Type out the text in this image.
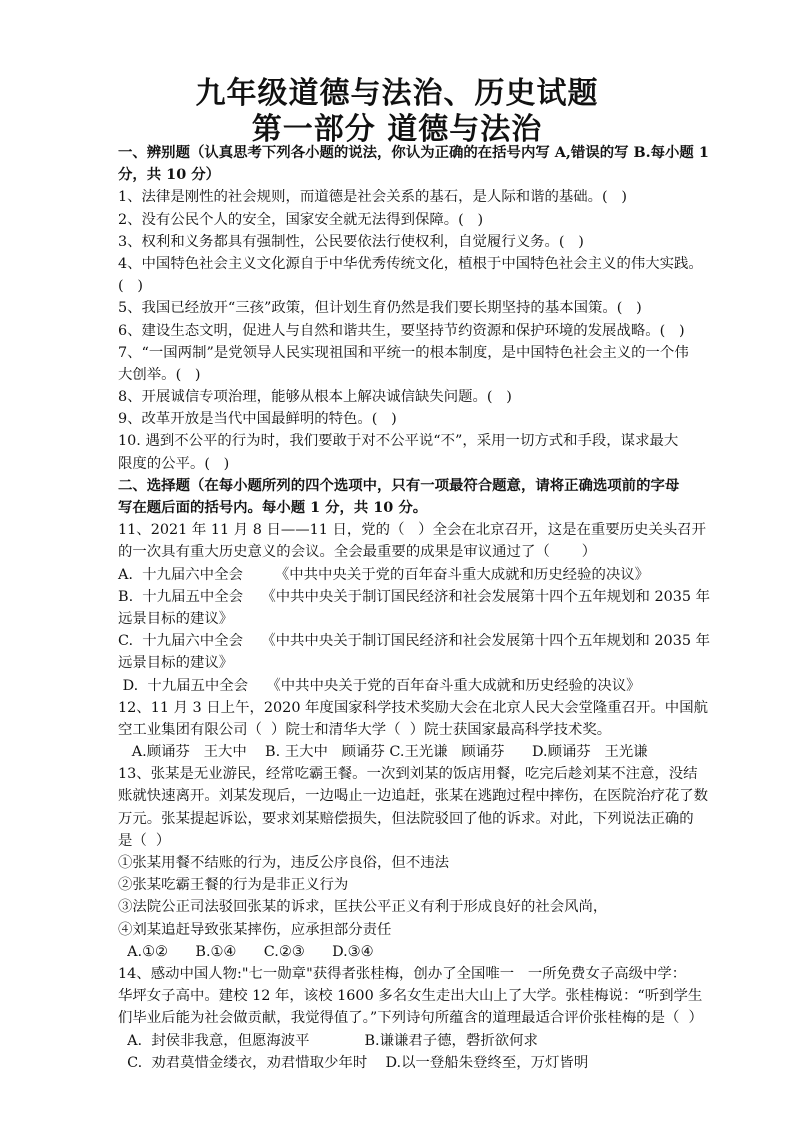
九年级道德与法治、历史试题
第一部分 道德与法治
一、辨别题（认真思考下列各小题的说法，你认为正确的在括号内写 A,错误的写 B.每小题 1
分，共 10 分）
1、法律是刚性的社会规则，而道德是社会关系的基石，是人际和谐的基础。(   )
2、没有公民个人的安全，国家安全就无法得到保障。(   )
3、权利和义务都具有强制性，公民要依法行使权利，自觉履行义务。(   )
4、中国特色社会主义文化源自于中华优秀传统文化，植根于中国特色社会主义的伟大实践。
(   )
5、我国已经放开“三孩”政策，但计划生育仍然是我们要长期坚持的基本国策。(   )
6、建设生态文明，促进人与自然和谐共生，要坚持节约资源和保护环境的发展战略。(   )
7、“一国两制”是党领导人民实现祖国和平统一的根本制度，是中国特色社会主义的一个伟
大创举。(   )
8、开展诚信专项治理，能够从根本上解决诚信缺失问题。(   )
9、改革开放是当代中国最鲜明的特色。(   )
10. 遇到不公平的行为时，我们要敢于对不公平说“不”，采用一切方式和手段，谋求最大
限度的公平。(   )
二、选择题（在每小题所列的四个选项中，只有一项最符合题意，请将正确选项前的字母
写在题后面的括号内。每小题 1 分，共 10 分。
11、2021 年 11 月 8 日——11 日，党的（   ）全会在北京召开，这是在重要历史关头召开
的一次具有重大历史意义的会议。全会最重要的成果是审议通过了（       ）
A.  十九届六中全会       《中共中央关于党的百年奋斗重大成就和历史经验的决议》
B.  十九届五中全会    《中共中央关于制订国民经济和社会发展第十四个五年规划和 2035 年
远景目标的建议》
C.  十九届六中全会    《中共中央关于制订国民经济和社会发展第十四个五年规划和 2035 年
远景目标的建议》
D.  十九届五中全会    《中共中央关于党的百年奋斗重大成就和历史经验的决议》
12、11 月 3 日上午，2020 年度国家科学技术奖励大会在北京人民大会堂隆重召开。中国航
空工业集团有限公司（  ）院士和清华大学（  ）院士获国家最高科学技术奖。
A.顾诵芬   王大中    B. 王大中   顾诵芬 C.王光谦   顾诵芬      D.顾诵芬   王光谦
13、张某是无业游民，经常吃霸王餐。一次到刘某的饭店用餐，吃完后趁刘某不注意，没结
账就快速离开。刘某发现后，一边喝止一边追赶，张某在逃跑过程中摔伤，在医院治疗花了数
万元。张某提起诉讼，要求刘某赔偿损失，但法院驳回了他的诉求。对此，下列说法正确的
是（  ）
①张某用餐不结账的行为，违反公序良俗，但不违法
②张某吃霸王餐的行为是非正义行为
③法院公正司法驳回张某的诉求，匡扶公平正义有利于形成良好的社会风尚，
④刘某追赶导致张某摔伤，应承担部分责任
A.①②      B.①④      C.②③      D.③④
14、感动中国人物:"七一勋章"获得者张桂梅，创办了全国唯一   一所免费女子高级中学：
华坪女子高中。建校 12 年，该校 1600 多名女生走出大山上了大学。张桂梅说：“听到学生
们毕业后能为社会做贡献，我觉得值了。”下列诗句所蕴含的道理最适合评价张桂梅的是（  ）
A.  封侯非我意，但愿海波平            B.谦谦君子德，磬折欲何求
C.  劝君莫惜金缕衣，劝君惜取少年时    D.以一登船朱登终至，万灯皆明
